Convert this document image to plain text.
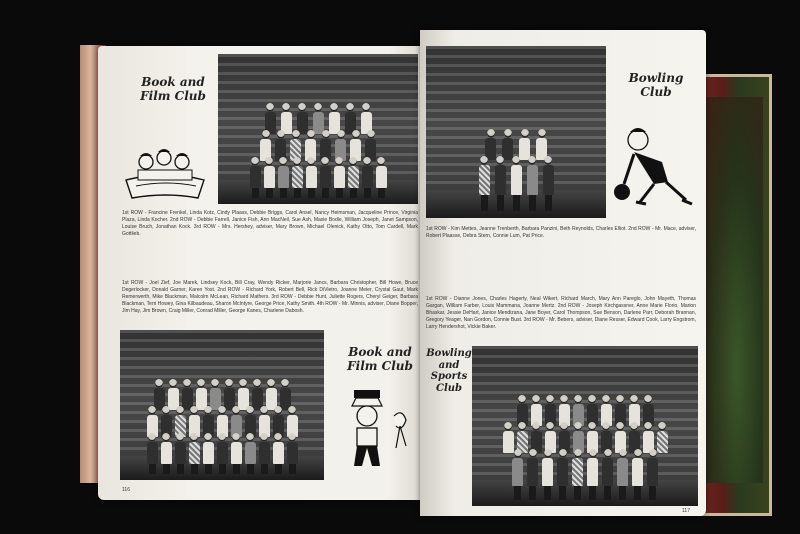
Book and Film Club
1st ROW - Francine Frenkel, Linda Kotz, Cindy Plaass, Debbie Briggs, Carol Ansel, Nancy Heimsman, Jacqueline Prince, Virginia Plaza, Linda Kocher. 2nd ROW - Debbie Farrell, Janice Fish, Ann MacNeil, Sue Ash, Maxie Bodie, William Joseph, Janet Sampson, Louise Bruch, Jonathan Kock. 3rd ROW - Mrs. Hershey, adviser, Mary Brown, Michael Olenick, Kathy Otto, Tom Cardell, Mark Gottlieb.
1st ROW - Joel Zief, Joe Marek, Lindsey Kock, Bill Cray, Wendy Ricker, Marjorie Jancs, Barbara Christopher, Bill Howe, Bruce Degerlocker, Donald Garner, Karen Yost. 2nd ROW - Richard York, Robert Bell, Rick DiVietro, Joanne Meier, Crystal Gaut, Mark Remerwerth, Mike Blackman, Malcolm McLean, Richard Mathers. 3rd ROW - Debbie Hunt, Juliette Rogers, Cheryl Geiger, Barbara Blackman, Terri Howey, Gina Kilbaudeau, Sharon McIntyre, George Price, Kathy Smith. 4th ROW - Mr. Minnis, adviser, Diane Bopper, Jim Hay, Jim Brown, Craig Miller, Conrad Miller, George Kanes, Charlene Dabosh.
Book and Film Club
116
Bowling Club
1st ROW - Kim Mettes, Jeanne Trenberth, Barbara Panzini, Beth Reynolds, Charles Elliot. 2nd ROW - Mr. Mace, adviser, Robert Plaasse, Debra Stern, Connie Lum, Pat Price.
1st ROW - Dianne Jones, Charles Hagerty, Neal Wikert, Richard March, Mary Ann Pareglo, John Mayeth, Thomas Gargan, William Farber, Louis Mammana, Joanne Mertz. 2nd ROW - Joseph Kirchgassner, Anne Marie Florio, Marion Bhaskar, Jessie DeHart, Janice Mendizana, Jane Boyer, Carol Thompson, Sue Benson, Darlene Parr, Deborah Brannan, Gregory Yeager, Nan Gordon, Connie Bust. 3rd ROW - Mr. Bebers, adviser, Diane Resser, Edward Cook, Larry Engstrom, Larry Hendershot, Vickie Baker.
Bowling and Sports Club
117
